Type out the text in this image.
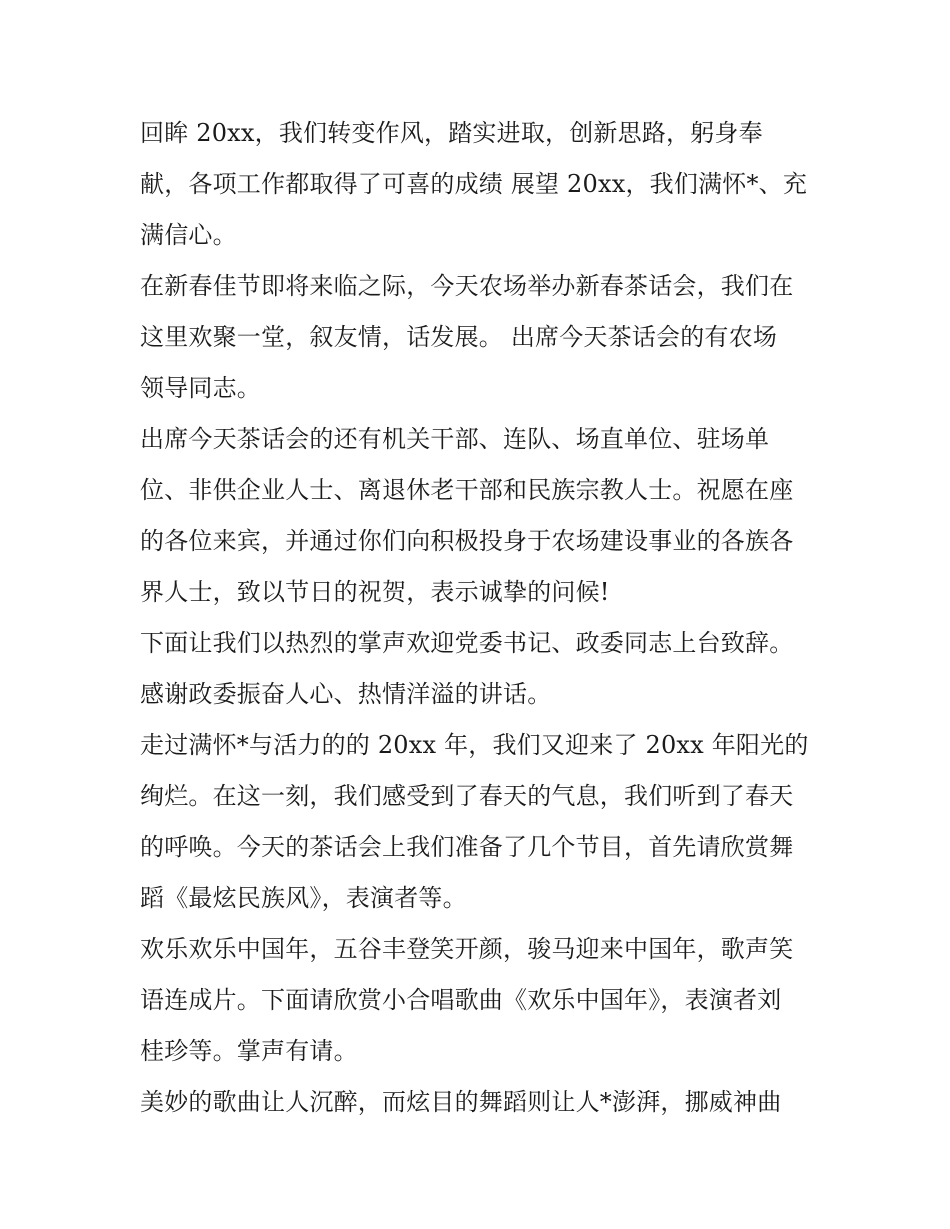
回眸 20xx，我们转变作风，踏实进取，创新思路，躬身奉
献，各项工作都取得了可喜的成绩 展望 20xx，我们满怀*、充
满信心。
在新春佳节即将来临之际，今天农场举办新春茶话会，我们在
这里欢聚一堂，叙友情，话发展。 出席今天茶话会的有农场
领导同志。
出席今天茶话会的还有机关干部、连队、场直单位、驻场单
位、非供企业人士、离退休老干部和民族宗教人士。祝愿在座
的各位来宾，并通过你们向积极投身于农场建设事业的各族各
界人士，致以节日的祝贺，表示诚挚的问候!
下面让我们以热烈的掌声欢迎党委书记、政委同志上台致辞。
感谢政委振奋人心、热情洋溢的讲话。
走过满怀*与活力的的 20xx 年，我们又迎来了 20xx 年阳光的
绚烂。在这一刻，我们感受到了春天的气息，我们听到了春天
的呼唤。今天的茶话会上我们准备了几个节目，首先请欣赏舞
蹈《最炫民族风》，表演者等。
欢乐欢乐中国年，五谷丰登笑开颜，骏马迎来中国年，歌声笑
语连成片。下面请欣赏小合唱歌曲《欢乐中国年》，表演者刘
桂珍等。掌声有请。
美妙的歌曲让人沉醉，而炫目的舞蹈则让人*澎湃，挪威神曲
